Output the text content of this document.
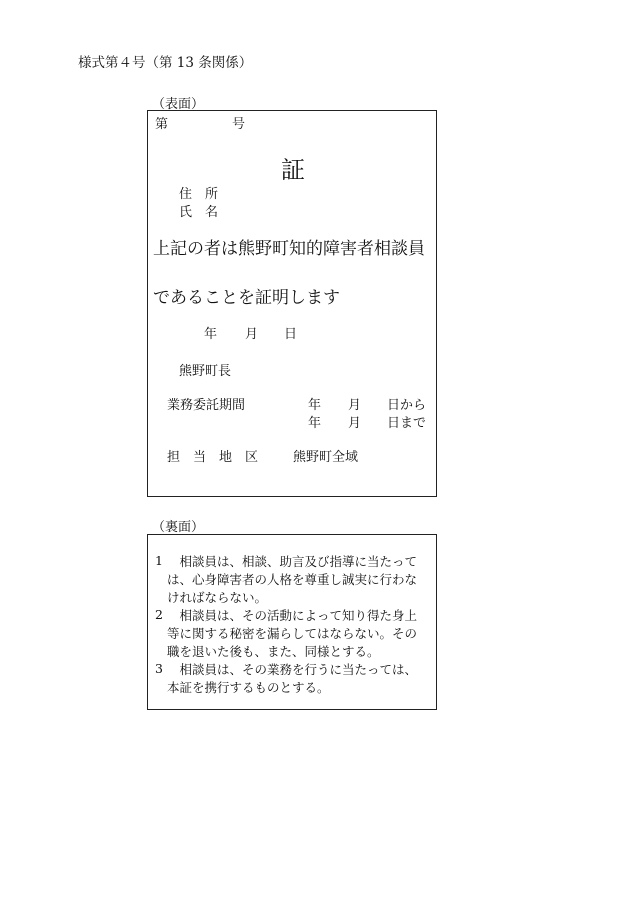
様式第４号（第 13 条関係）
（表面）
第	号
証
住　所
氏　名
上記の者は熊野町知的障害者相談員
であることを証明します
年 月 日
熊野町長
業務委託期間	年 月 日から
年 月 日まで
担　当　地　区	熊野町全域
（裏面）
1 　相談員は、相談、助言及び指導に当たっては、心身障害者の人格を尊重し誠実に行わなければならない。
2 　相談員は、その活動によって知り得た身上等に関する秘密を漏らしてはならない。その職を退いた後も、また、同様とする。
3 　相談員は、その業務を行うに当たっては、本証を携行するものとする。
